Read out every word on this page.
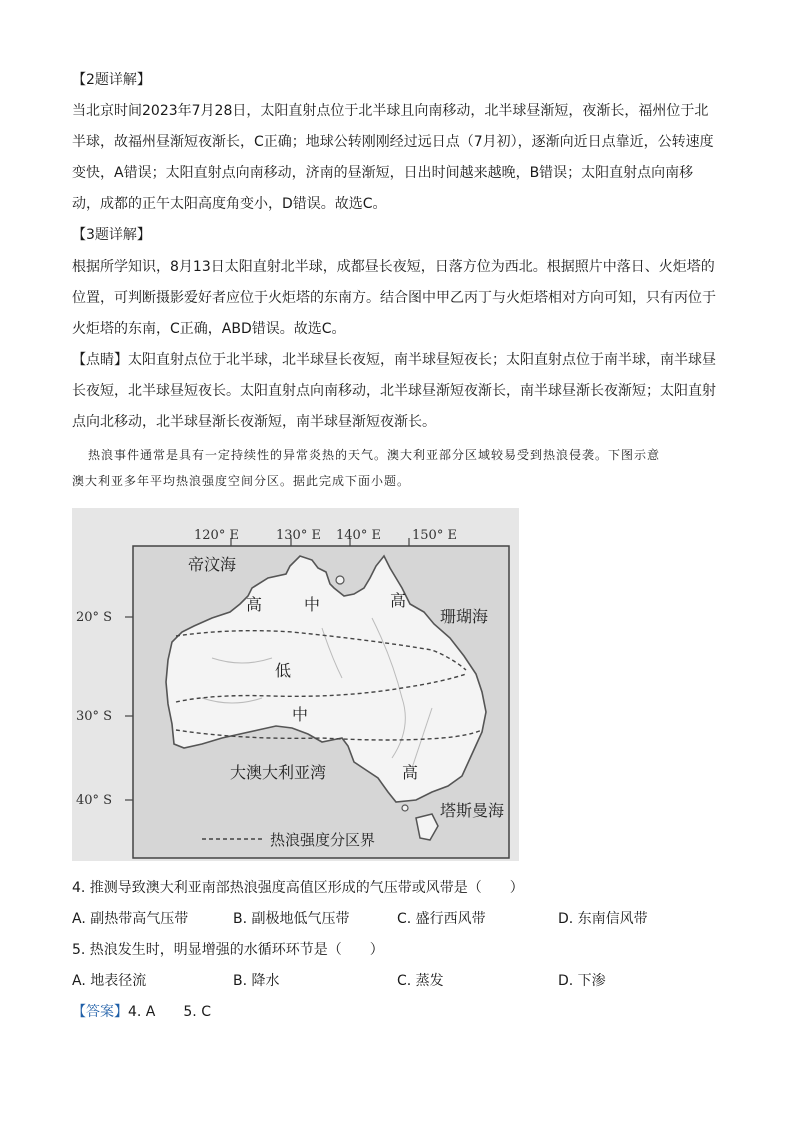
【2题详解】
当北京时间2023年7月28日，太阳直射点位于北半球且向南移动，北半球昼渐短，夜渐长，福州位于北
半球，故福州昼渐短夜渐长，C正确；地球公转刚刚经过远日点（7月初），逐渐向近日点靠近，公转速度
变快，A错误；太阳直射点向南移动，济南的昼渐短，日出时间越来越晚，B错误；太阳直射点向南移
动，成都的正午太阳高度角变小，D错误。故选C。
【3题详解】
根据所学知识，8月13日太阳直射北半球，成都昼长夜短，日落方位为西北。根据照片中落日、火炬塔的
位置，可判断摄影爱好者应位于火炬塔的东南方。结合图中甲乙丙丁与火炬塔相对方向可知，只有丙位于
火炬塔的东南，C正确，ABD错误。故选C。
【点睛】太阳直射点位于北半球，北半球昼长夜短，南半球昼短夜长；太阳直射点位于南半球，南半球昼
长夜短，北半球昼短夜长。太阳直射点向南移动，北半球昼渐短夜渐长，南半球昼渐长夜渐短；太阳直射
点向北移动，北半球昼渐长夜渐短，南半球昼渐短夜渐长。
热浪事件通常是具有一定持续性的异常炎热的天气。澳大利亚部分区域较易受到热浪侵袭。下图示意
澳大利亚多年平均热浪强度空间分区。据此完成下面小题。
120° E	130° E 140° E 150° E
20° S
30° S
40° S
帝汶海
珊瑚海
大澳大利亚湾
塔斯曼海
高	中	高
低
中
高
热浪强度分区界
4. 推测导致澳大利亚南部热浪强度高值区形成的气压带或风带是（　　）
A. 副热带高气压带	B. 副极地低气压带	C. 盛行西风带	D. 东南信风带
5. 热浪发生时，明显增强的水循环环节是（　　）
A. 地表径流	B. 降水	C. 蒸发	D. 下渗
【答案】4. A　　5. C
